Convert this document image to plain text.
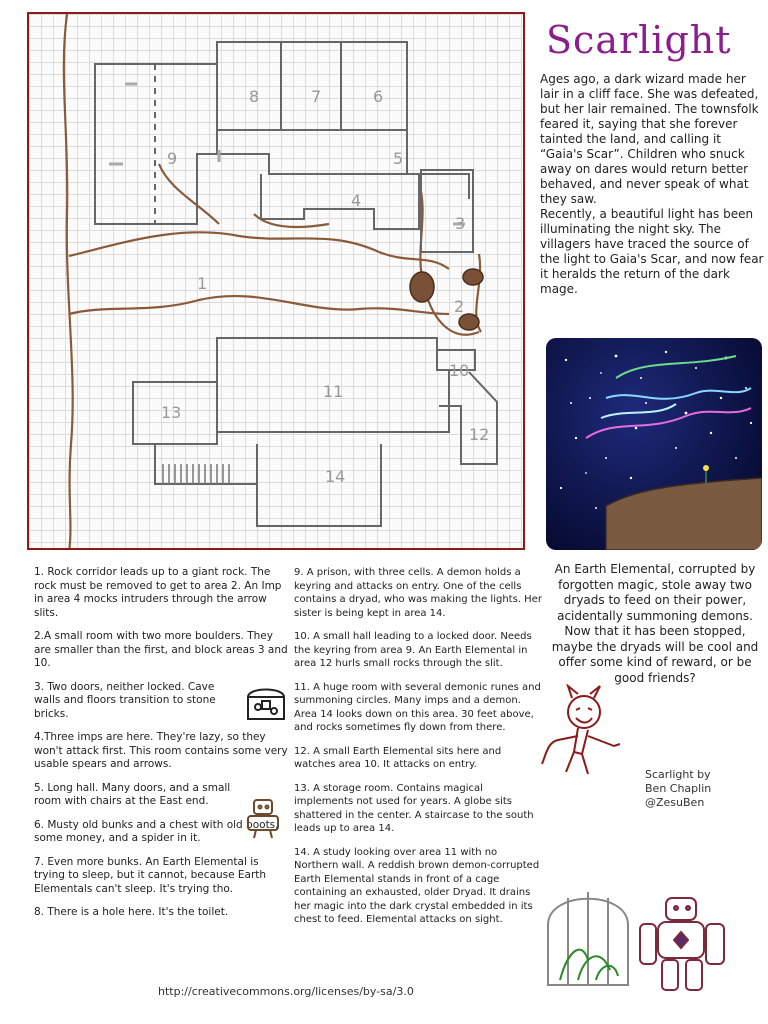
1
2
3
4
5
6
7
8
9
10
11
12
13
14
Scarlight

Ages ago, a dark wizard made her lair in a cliff face. She was defeated, but her lair remained. The townsfolk feared it, saying that she forever tainted the land, and calling it “Gaia's Scar”. Children who snuck away on dares would return better behaved, and never speak of what they saw.

Recently, a beautiful light has been illuminating the night sky. The villagers have traced the source of the light to Gaia's Scar, and now fear it heralds the return of the dark mage.

An Earth Elemental, corrupted by forgotten magic, stole away two dryads to feed on their power, acidentally summoning demons. Now that it has been stopped, maybe the dryads will be cool and offer some kind of reward, or be good friends?
Scarlight by
Ben Chaplin
@ZesuBen

1. Rock corridor leads up to a giant rock. The rock must be removed to get to area 2. An Imp in area 4 mocks intruders through the arrow slits.

2.A small room with two more boulders. They are smaller than the first, and block areas 3 and 10.

3. Two doors, neither locked. Cave walls and floors transition to stone bricks.

4.Three imps are here. They're lazy, so they won't attack first. This room contains some very usable spears and arrows.

5. Long hall. Many doors, and a small room with chairs at the East end.

6. Musty old bunks and a chest with old boots, some money, and a spider in it.

7. Even more bunks. An Earth Elemental is trying to sleep, but it cannot, because Earth Elementals can't sleep. It's trying tho.

8. There is a hole here. It's the toilet.

9. A prison, with three cells. A demon holds a keyring and attacks on entry. One of the cells contains a dryad, who was making the lights. Her sister is being kept in area 14.

10. A small hall leading to a locked door. Needs the keyring from area 9. An Earth Elemental in area 12 hurls small rocks through the slit.

11. A huge room with several demonic runes and summoning circles. Many imps and a demon. Area 14 looks down on this area. 30 feet above, and rocks sometimes fly down from there.

12. A small Earth Elemental sits here and watches area 10. It attacks on entry.

13. A storage room. Contains magical implements not used for years. A globe sits shattered in the center. A staircase to the south leads up to area 14.

14. A study looking over area 11 with no Northern wall. A reddish brown demon-corrupted Earth Elemental stands in front of a cage containing an exhausted, older Dryad. It drains her magic into the dark crystal embedded in its chest to feed. Elemental attacks on sight.

http://creativecommons.org/licenses/by-sa/3.0
